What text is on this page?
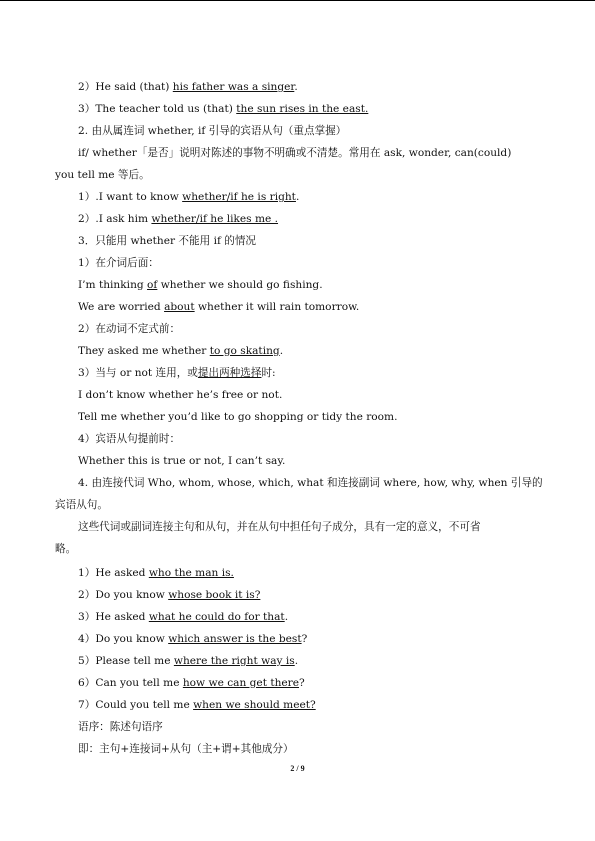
2）He said (that) his father was a singer.
3）The teacher told us (that) the sun rises in the east.
2. 由从属连词 whether, if 引导的宾语从句（重点掌握）
if/ whether「是否」说明对陈述的事物不明确或不清楚。常用在 ask, wonder, can(could)
you tell me 等后。
1）.I want to know whether/if he is right.
2）.I ask him whether/if he likes me .
3．只能用 whether 不能用 if 的情况
1）在介词后面：
I’m thinking of whether we should go fishing.
We are worried about whether it will rain tomorrow.
2）在动词不定式前：
They asked me whether to go skating.
3）当与 or not 连用，或提出两种选择时:
I don’t know whether he’s free or not.
Tell me whether you’d like to go shopping or tidy the room.
4）宾语从句提前时：
Whether this is true or not, I can’t say.
4. 由连接代词 Who, whom, whose, which, what 和连接副词 where, how, why, when 引导的
宾语从句。
这些代词或副词连接主句和从句，并在从句中担任句子成分，具有一定的意义，不可省
略。
1）He asked who the man is.
2）Do you know whose book it is?
3）He asked what he could do for that.
4）Do you know which answer is the best?
5）Please tell me where the right way is.
6）Can you tell me how we can get there?
7）Could you tell me when we should meet?
语序：陈述句语序
即：主句+连接词+从句（主+谓+其他成分）
2 / 9
